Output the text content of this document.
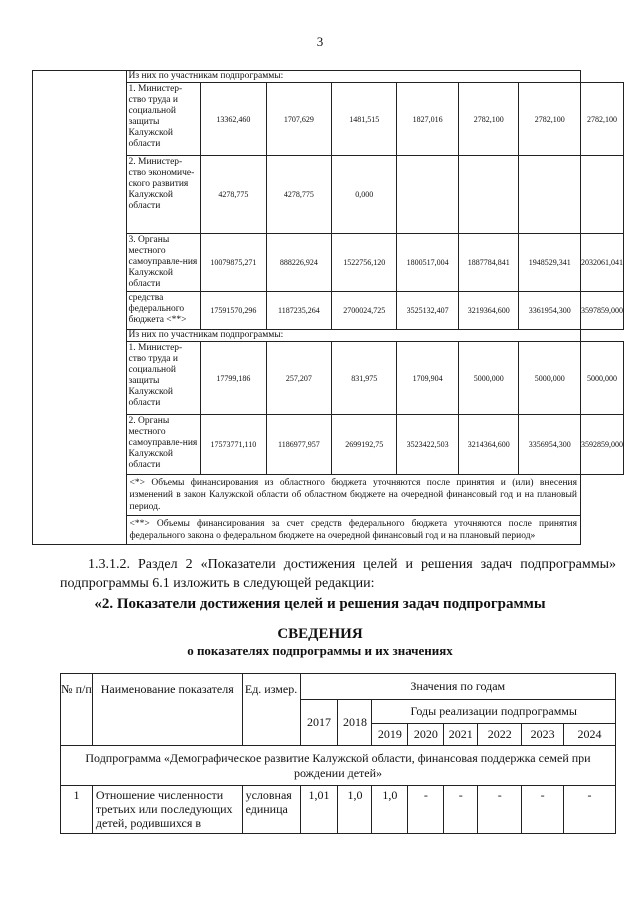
3
	Из них по участникам подпрограммы:							
	1. Министер-ство труда и социальной защиты Калужской области	13362,460	1707,629	1481,515	1827,016	2782,100	2782,100	2782,100
	2. Министер-ство экономиче-ского развития Калужской области	4278,775	4278,775	0,000				
	3. Органы местного самоуправле-ния Калужской области	10079875,271	888226,924	1522756,120	1800517,004	1887784,841	1948529,341	2032061,041
	средства федерального бюджета <**>	17591570,296	1187235,264	2700024,725	3525132,407	3219364,600	3361954,300	3597859,000
	Из них по участникам подпрограммы:							
	1. Министер-ство труда и социальной защиты Калужской области	17799,186	257,207	831,975	1709,904	5000,000	5000,000	5000,000
	2. Органы местного самоуправле-ния Калужской области	17573771,110	1186977,957	2699192,75	3523422,503	3214364,600	3356954,300	3592859,000
	<*> Объемы финансирования из областного бюджета уточняются после принятия и (или) внесения изменений в закон Калужской области об областном бюджете на очередной финансовый год и на плановый период.							
	<**> Объемы финансирования за счет средств федерального бюджета уточняются после принятия федерального закона о федеральном бюджете на очередной финансовый год и на плановый период»							
1.3.1.2. Раздел 2 «Показатели достижения целей и решения задач подпрограммы» подпрограммы 6.1 изложить в следующей редакции:
«2. Показатели достижения целей и решения задач подпрограммы
СВЕДЕНИЯ
о показателях подпрограммы и их значениях
№ п/п	Наименование показателя	Ед. измер.	Значения по годам							
			2017	2018	Годы реализации подпрограммы					
					2019	2020	2021	2022	2023	2024
Подпрограмма «Демографическое развитие Калужской области, финансовая поддержка семей при рождении детей»										
1	Отношение численности третьих или последующих детей, родившихся в	условная единица	1,01	1,0	1,0	-	-	-	-	-
